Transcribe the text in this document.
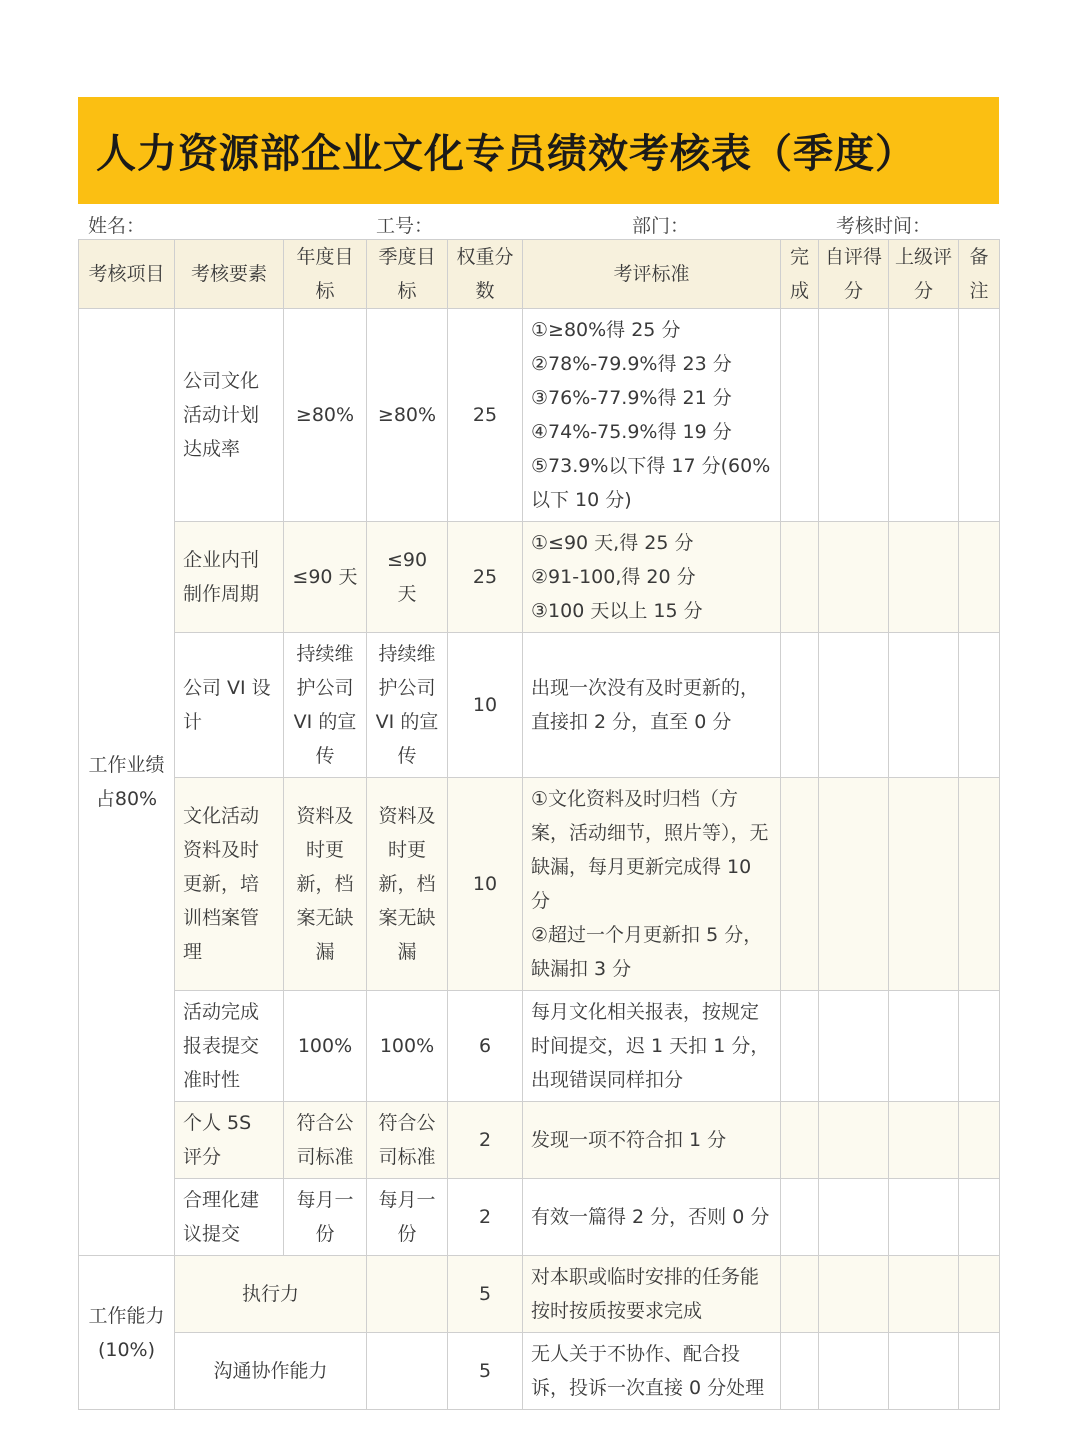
人力资源部企业文化专员绩效考核表（季度）
姓名：	工号：	部门：	考核时间：
考核项目	考核要素	年度目标	季度目标	权重分数	考评标准	完成	自评得分	上级评分	备注
工作业绩占80%	公司文化活动计划达成率	≥80%	≥80%	25	①≥80%得 25 分
②78%-79.9%得 23 分
③76%-77.9%得 21 分
④74%-75.9%得 19 分
⑤73.9%以下得 17 分(60%以下 10 分)				

	企业内刊制作周期	≤90 天	≤90 天	25	①≤90 天,得 25 分
②91-100,得 20 分
③100 天以上 15 分				

	公司 VI 设计	持续维护公司 VI 的宣传	持续维护公司 VI 的宣传	10	出现一次没有及时更新的，直接扣 2 分，直至 0 分				

	文化活动资料及时更新，培训档案管理	资料及时更新，档案无缺漏	资料及时更新，档案无缺漏	10	①文化资料及时归档（方案，活动细节，照片等），无缺漏，每月更新完成得 10 分
②超过一个月更新扣 5 分，缺漏扣 3 分				

	活动完成报表提交准时性	100%	100%	6	每月文化相关报表，按规定时间提交，迟 1 天扣 1 分，出现错误同样扣分				

	个人 5S 评分	符合公司标准	符合公司标准	2	发现一项不符合扣 1 分				

	合理化建议提交	每月一份	每月一份	2	有效一篇得 2 分，否则 0 分				

工作能力(10%)	执行力			5	对本职或临时安排的任务能按时按质按要求完成				
	沟通协作能力			5	无人关于不协作、配合投诉，投诉一次直接 0 分处理				
